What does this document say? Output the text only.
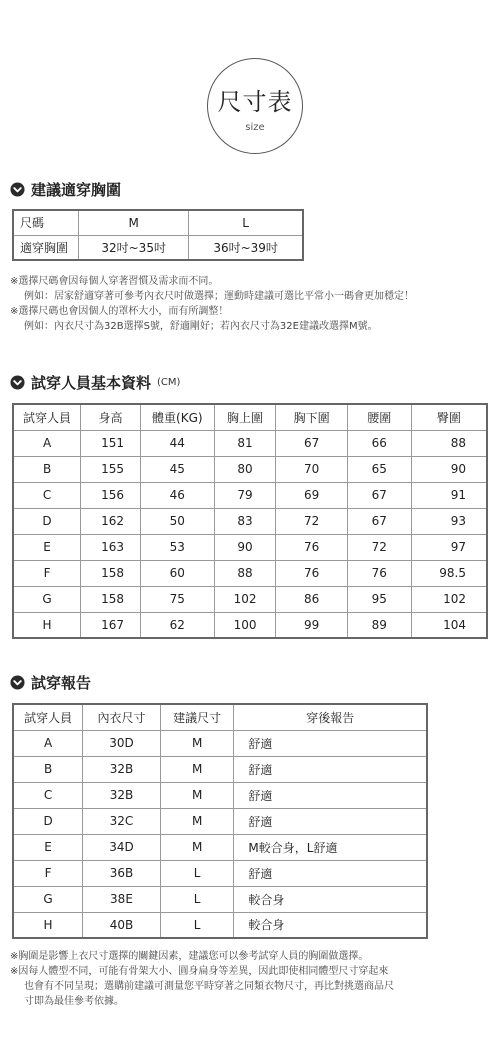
尺寸表
size
建議適穿胸圍
尺碼	M	L
適穿胸圍	32吋~35吋	36吋~39吋
※選擇尺碼會因每個人穿著習慣及需求而不同。
例如：居家舒適穿著可參考內衣尺吋做選擇；運動時建議可選比平常小一碼會更加穩定！
※選擇尺碼也會因個人的罩杯大小，而有所調整！
例如：內衣尺寸為32B選擇S號，舒適剛好；若內衣尺寸為32E建議改選擇M號。
試穿人員基本資料 (CM)
試穿人員	身高	體重(KG)	胸上圍	胸下圍	腰圍	臀圍
A	151	44	81	67	66	88
B	155	45	80	70	65	90
C	156	46	79	69	67	91
D	162	50	83	72	67	93
E	163	53	90	76	72	97
F	158	60	88	76	76	98.5
G	158	75	102	86	95	102
H	167	62	100	99	89	104
試穿報告
試穿人員	內衣尺寸	建議尺寸	穿後報告
A	30D	M	舒適
B	32B	M	舒適
C	32B	M	舒適
D	32C	M	舒適
E	34D	M	M較合身，L舒適
F	36B	L	舒適
G	38E	L	較合身
H	40B	L	較合身
※胸圍是影響上衣尺寸選擇的關鍵因素，建議您可以參考試穿人員的胸圍做選擇。
※因每人體型不同，可能有骨架大小、圓身扁身等差異，因此即使相同體型尺寸穿起來
也會有不同呈現；選購前建議可測量您平時穿著之同類衣物尺寸，再比對挑選商品尺
寸即為最佳參考依據。
